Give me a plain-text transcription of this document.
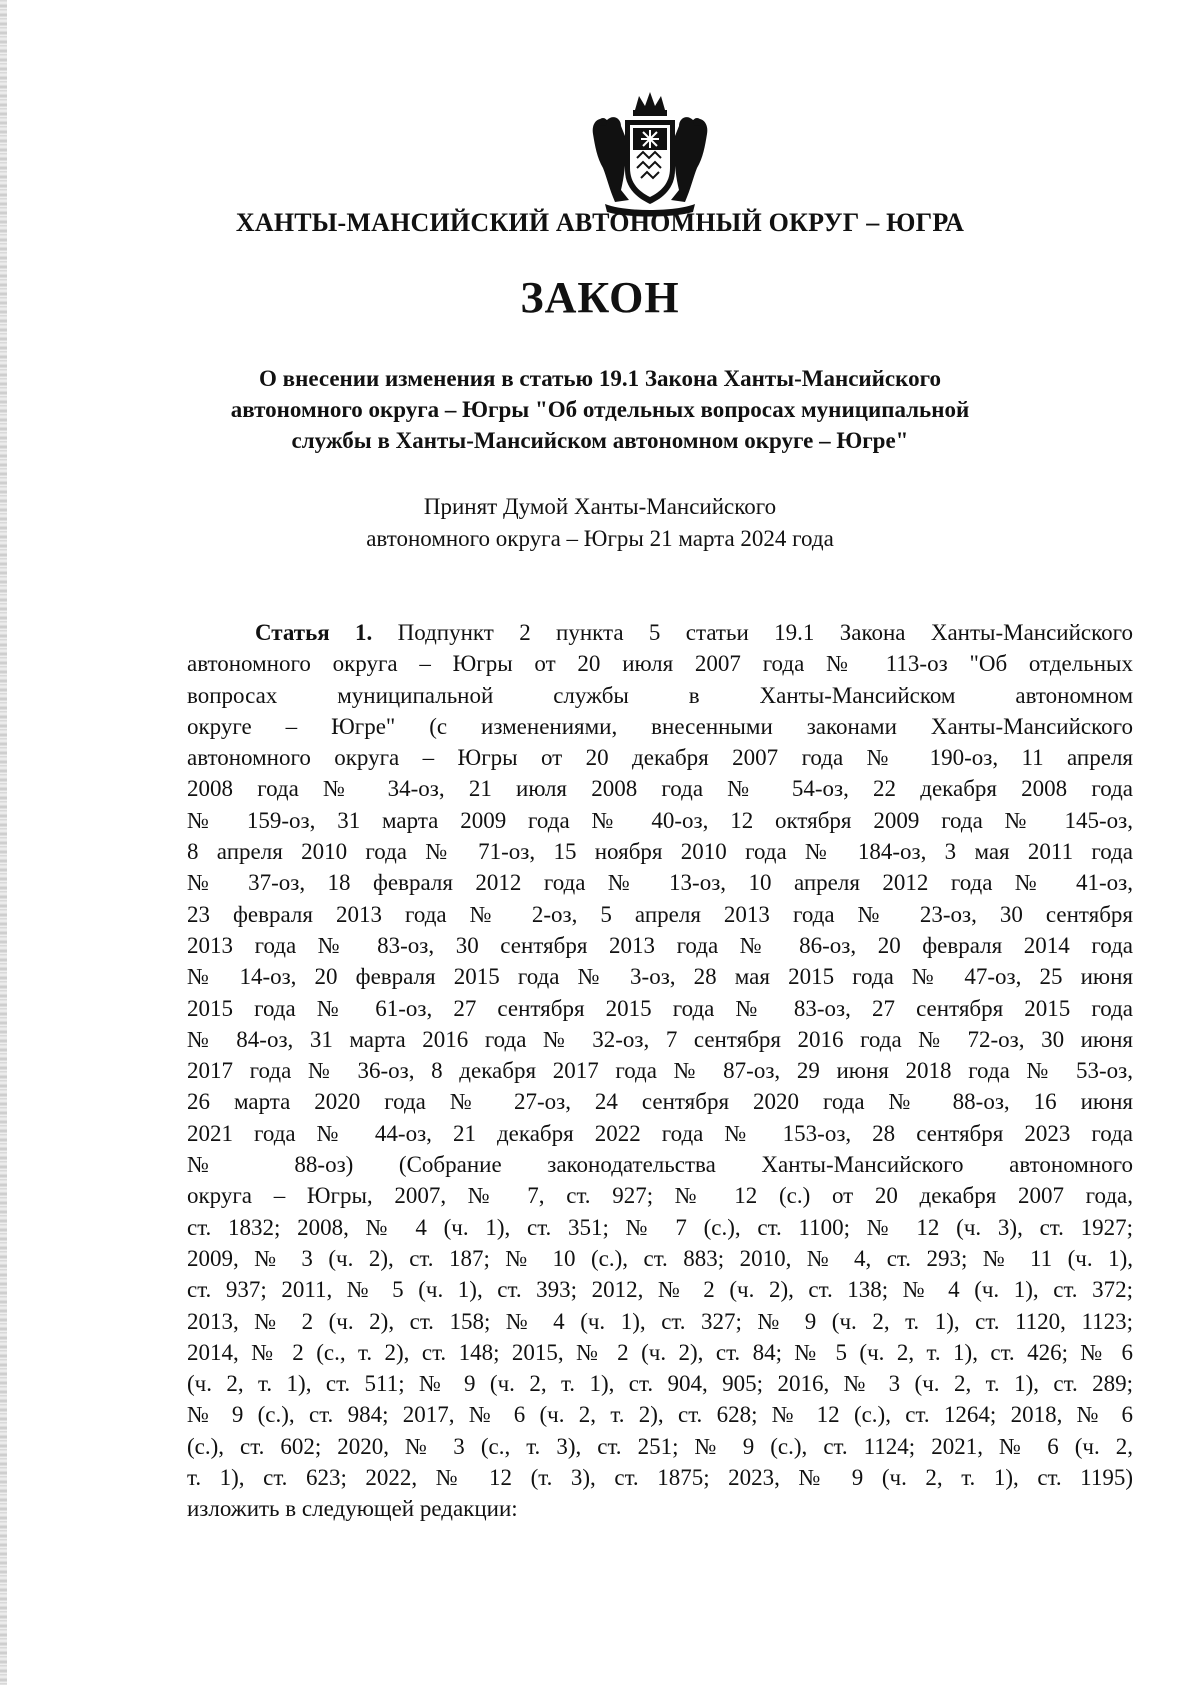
ХАНТЫ-МАНСИЙСКИЙ АВТОНОМНЫЙ ОКРУГ – ЮГРА
ЗАКОН
О внесении изменения в статью 19.1 Закона Ханты-Мансийского
автономного округа – Югры "Об отдельных вопросах муниципальной
службы в Ханты-Мансийском автономном округе – Югре"
Принят Думой Ханты-Мансийского
автономного округа – Югры 21 марта 2024 года
Статья 1. Подпункт 2 пункта 5 статьи 19.1 Закона Ханты-Мансийского
автономного округа – Югры от 20 июля 2007 года № 113-оз "Об отдельных
вопросах муниципальной службы в Ханты-Мансийском автономном
округе – Югре" (с изменениями, внесенными законами Ханты-Мансийского
автономного округа – Югры от 20 декабря 2007 года № 190-оз, 11 апреля
2008 года № 34-оз, 21 июля 2008 года № 54-оз, 22 декабря 2008 года
№ 159-оз, 31 марта 2009 года № 40-оз, 12 октября 2009 года № 145-оз,
8 апреля 2010 года № 71-оз, 15 ноября 2010 года № 184-оз, 3 мая 2011 года
№ 37-оз, 18 февраля 2012 года № 13-оз, 10 апреля 2012 года № 41-оз,
23 февраля 2013 года № 2-оз, 5 апреля 2013 года № 23-оз, 30 сентября
2013 года № 83-оз, 30 сентября 2013 года № 86-оз, 20 февраля 2014 года
№ 14-оз, 20 февраля 2015 года № 3-оз, 28 мая 2015 года № 47-оз, 25 июня
2015 года № 61-оз, 27 сентября 2015 года № 83-оз, 27 сентября 2015 года
№ 84-оз, 31 марта 2016 года № 32-оз, 7 сентября 2016 года № 72-оз, 30 июня
2017 года № 36-оз, 8 декабря 2017 года № 87-оз, 29 июня 2018 года № 53-оз,
26 марта 2020 года № 27-оз, 24 сентября 2020 года № 88-оз, 16 июня
2021 года № 44-оз, 21 декабря 2022 года № 153-оз, 28 сентября 2023 года
№ 88-оз) (Собрание законодательства Ханты-Мансийского автономного
округа – Югры, 2007, № 7, ст. 927; № 12 (с.) от 20 декабря 2007 года,
ст. 1832; 2008, № 4 (ч. 1), ст. 351; № 7 (с.), ст. 1100; № 12 (ч. 3), ст. 1927;
2009, № 3 (ч. 2), ст. 187; № 10 (с.), ст. 883; 2010, № 4, ст. 293; № 11 (ч. 1),
ст. 937; 2011, № 5 (ч. 1), ст. 393; 2012, № 2 (ч. 2), ст. 138; № 4 (ч. 1), ст. 372;
2013, № 2 (ч. 2), ст. 158; № 4 (ч. 1), ст. 327; № 9 (ч. 2, т. 1), ст. 1120, 1123;
2014, № 2 (с., т. 2), ст. 148; 2015, № 2 (ч. 2), ст. 84; № 5 (ч. 2, т. 1), ст. 426; № 6
(ч. 2, т. 1), ст. 511; № 9 (ч. 2, т. 1), ст. 904, 905; 2016, № 3 (ч. 2, т. 1), ст. 289;
№ 9 (с.), ст. 984; 2017, № 6 (ч. 2, т. 2), ст. 628; № 12 (с.), ст. 1264; 2018, № 6
(с.), ст. 602; 2020, № 3 (с., т. 3), ст. 251; № 9 (с.), ст. 1124; 2021, № 6 (ч. 2,
т. 1), ст. 623; 2022, № 12 (т. 3), ст. 1875; 2023, № 9 (ч. 2, т. 1), ст. 1195)
изложить в следующей редакции:
